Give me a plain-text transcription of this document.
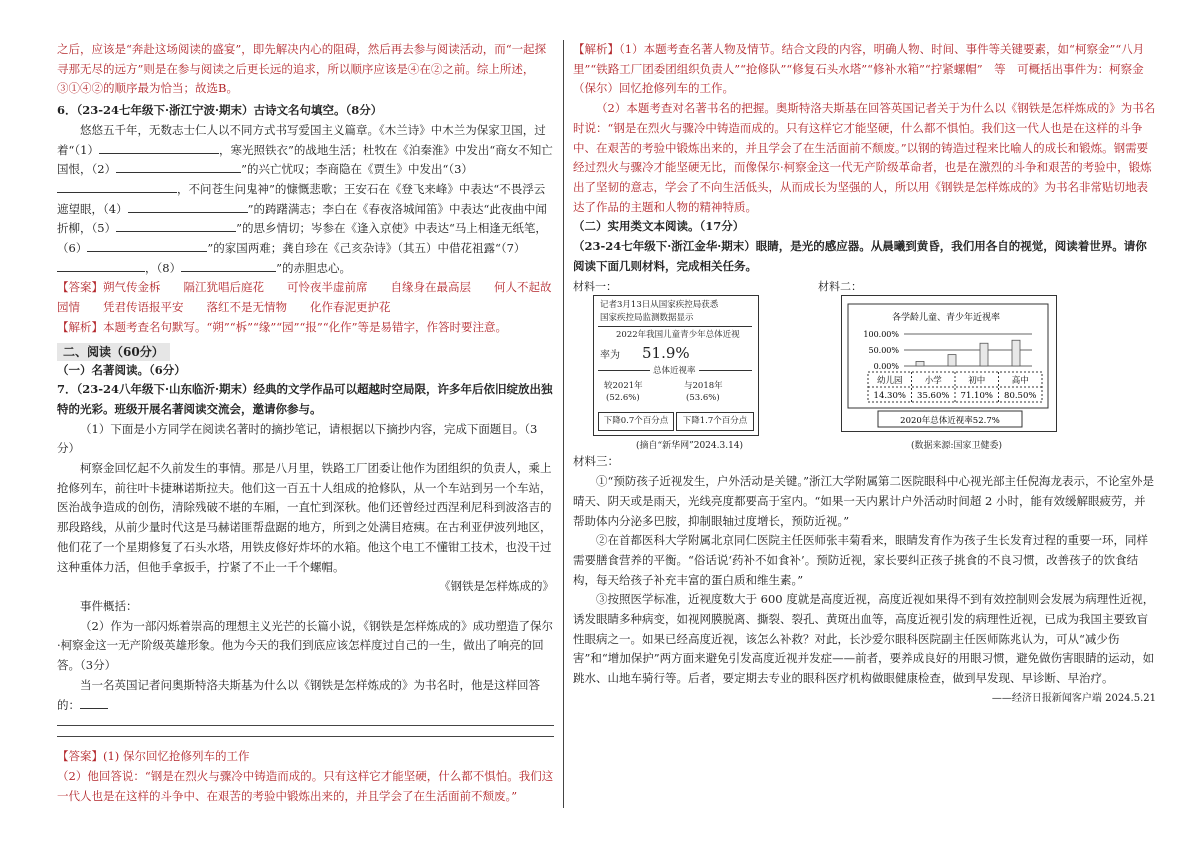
之后，应该是“奔赴这场阅读的盛宴”，即先解决内心的阻碍，然后再去参与阅读活动，而“一起探寻那无尽的远方”则是在参与阅读之后更长远的追求，所以顺序应该是④在②之前。综上所述，③①④②的顺序最为恰当；故选B。

6．（23-24七年级下·浙江宁波·期末）古诗文名句填空。（8分）

悠悠五千年，无数志士仁人以不同方式书写爱国主义篇章。《木兰诗》中木兰为保家卫国，过着“（1）	，寒光照铁衣”的战地生活；杜牧在《泊秦淮》中发出“商女不知亡国恨，（2）	”的兴亡忧叹；李商隐在《贾生》中发出“（3），不问苍生问鬼神”的慷慨悲歌；王安石在《登飞来峰》中表达“不畏浮云遮望眼，（4）	”的踌躇满志；李白在《春夜洛城闻笛》中表达“此夜曲中闻折柳，（5）	”的思乡情切；岑参在《逢入京使》中表达“马上相逢无纸笔，（6）	”的家国两难；龚自珍在《己亥杂诗》（其五）中借花祖露“（7），（8）	”的赤胆忠心。

【答案】朔气传金柝　　隔江犹唱后庭花　　可怜夜半虚前席　　自缘身在最高层　　何人不起故园情　　凭君传语报平安　　落红不是无情物　　化作春泥更护花

【解析】本题考查名句默写。“朔”“柝”“缘”“园”“报”“化作”等是易错字，作答时要注意。

二、阅读（60分）

（一）名著阅读。（6分）

7．（23-24八年级下·山东临沂·期末）经典的文学作品可以超越时空局限，许多年后依旧绽放出独特的光彩。班级开展名著阅读交流会，邀请你参与。

（1）下面是小方同学在阅读名著时的摘抄笔记，请根据以下摘抄内容，完成下面题目。（3分）

柯察金回忆起不久前发生的事情。那是八月里，铁路工厂团委让他作为团组织的负责人，乘上抢修列车，前往叶卡捷琳诺斯拉夫。他们这一百五十人组成的抢修队，从一个车站到另一个车站，医治战争造成的创伤，清除残破不堪的车厢，一直忙到深秋。他们还曾经过西涅利尼科到波洛吉的那段路线，从前少量时代这是马赫诺匪帮盘踞的地方，所到之处满目疮痍。在古利亚伊波列地区，他们花了一个星期修复了石头水塔，用铁皮修好炸坏的水箱。他这个电工不懂钳工技术，也没干过这种重体力活，但他手拿扳手，拧紧了不止一千个螺帽。

《钢铁是怎样炼成的》

事件概括：

（2）作为一部闪烁着崇高的理想主义光芒的长篇小说，《钢铁是怎样炼成的》成功塑造了保尔·柯察金这一无产阶级英雄形象。他为今天的我们到底应该怎样度过自己的一生，做出了响亮的回答。（3分）

当一名英国记者问奥斯特洛夫斯基为什么以《钢铁是怎样炼成的》为书名时，他是这样回答的：

【答案】(1) 保尔回忆抢修列车的工作

（2）他回答说：“钢是在烈火与骤冷中铸造而成的。只有这样它才能坚硬，什么都不惧怕。我们这一代人也是在这样的斗争中、在艰苦的考验中锻炼出来的，并且学会了在生活面前不颓废。”

【解析】（1）本题考查名著人物及情节。结合文段的内容，明确人物、时间、事件等关键要素，如“柯察金”“八月里”“铁路工厂团委团组织负责人”“抢修队”“修复石头水塔”“修补水箱”“拧紧螺帽”　等　可概括出事件为：柯察金（保尔）回忆抢修列车的工作。

（2）本题考查对名著书名的把握。奥斯特洛夫斯基在回答英国记者关于为什么以《钢铁是怎样炼成的》为书名时说：“钢是在烈火与骤冷中铸造而成的。只有这样它才能坚硬，什么都不惧怕。我们这一代人也是在这样的斗争中、在艰苦的考验中锻炼出来的，并且学会了在生活面前不颓废。”以钢的铸造过程来比喻人的成长和锻炼。钢需要经过烈火与骤冷才能坚硬无比，而像保尔·柯察金这一代无产阶级革命者，也是在激烈的斗争和艰苦的考验中，锻炼出了坚韧的意志，学会了不向生活低头，从而成长为坚强的人，所以用《钢铁是怎样炼成的》为书名非常贴切地表达了作品的主题和人物的精神特质。

（二）实用类文本阅读。（17分）

（23-24七年级下·浙江金华·期末）眼睛，是光的感应器。从晨曦到黄昏，我们用各自的视觉，阅读着世界。请你阅读下面几则材料，完成相关任务。

材料一：	材料二：
记者3月13日从国家疾控局获悉
国家疾控局监测数据显示
2022年我国儿童青少年总体近视
率为 51.9%
总体近视率
较2021年
(52.6%)
与2018年
(53.6%)
下降0.7个百分点	下降1.7个百分点
(摘自“新华网”2024.3.14)
各学龄儿童、青少年近视率
100.00%
50.00%
0.00%
幼儿园	小学	初中	高中
14.30% 35.60% 71.10% 80.50%
2020年总体近视率52.7%
(数据来源:国家卫健委)

材料三：

①“预防孩子近视发生，户外活动是关键。”浙江大学附属第二医院眼科中心视光部主任倪海龙表示，不论室外是晴天、阴天或是雨天，光线亮度都要高于室内。“如果一天内累计户外活动时间超 2 小时，能有效缓解眼疲劳，并帮助体内分泌多巴胺，抑制眼轴过度增长，预防近视。”

②在首都医科大学附属北京同仁医院主任医师张丰菊看来，眼睛发育作为孩子生长发育过程的重要一环，同样需要膳食营养的平衡。“俗话说‘药补不如食补’。预防近视，家长要纠正孩子挑食的不良习惯，改善孩子的饮食结构，每天给孩子补充丰富的蛋白质和维生素。”

③按照医学标准，近视度数大于 600 度就是高度近视，高度近视如果得不到有效控制则会发展为病理性近视，诱发眼睛多种病变，如视网膜脱离、撕裂、裂孔、黄斑出血等，高度近视引发的病理性近视，已成为我国主要致盲性眼病之一。如果已经高度近视，该怎么补救？对此，长沙爱尔眼科医院副主任医师陈兆认为，可从“减少伤害”和“增加保护”两方面来避免引发高度近视并发症——前者，要养成良好的用眼习惯，避免做伤害眼睛的运动，如跳水、山地车骑行等。后者，要定期去专业的眼科医疗机构做眼健康检查，做到早发现、早诊断、早治疗。

——经济日报新闻客户端 2024.5.21
